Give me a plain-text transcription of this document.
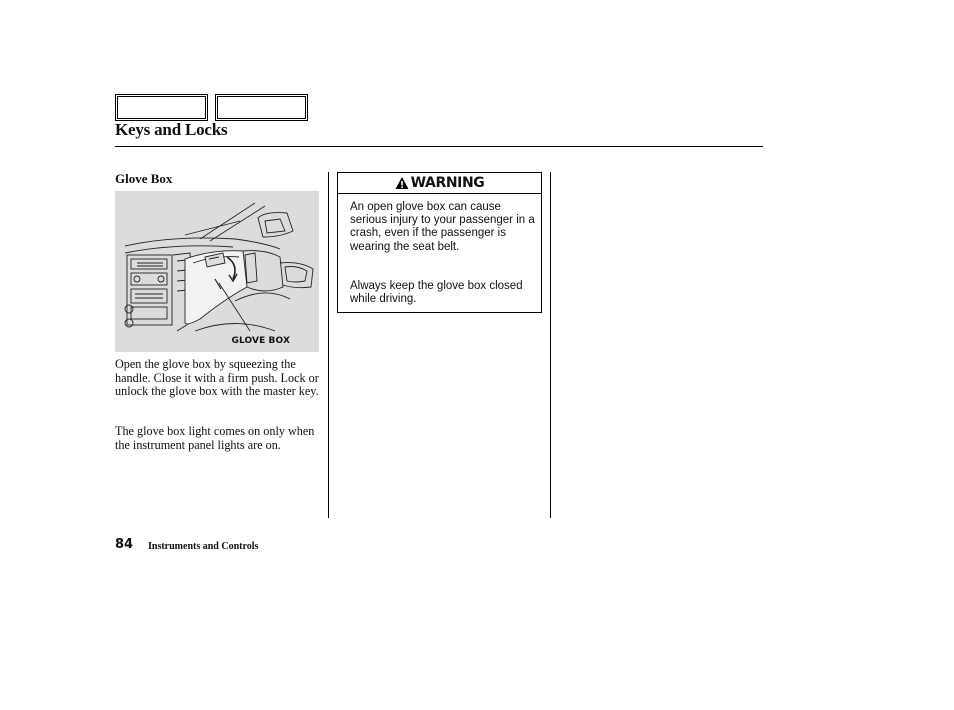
Keys and Locks
Glove Box
GLOVE BOX

Open the glove box by squeezing the handle. Close it with a firm push. Lock or unlock the glove box with the master key.

The glove box light comes on only when the instrument panel lights are on.

WARNING

An open glove box can cause serious injury to your passenger in a crash, even if the passenger is wearing the seat belt.

Always keep the glove box closed while driving.

84 Instruments and Controls
